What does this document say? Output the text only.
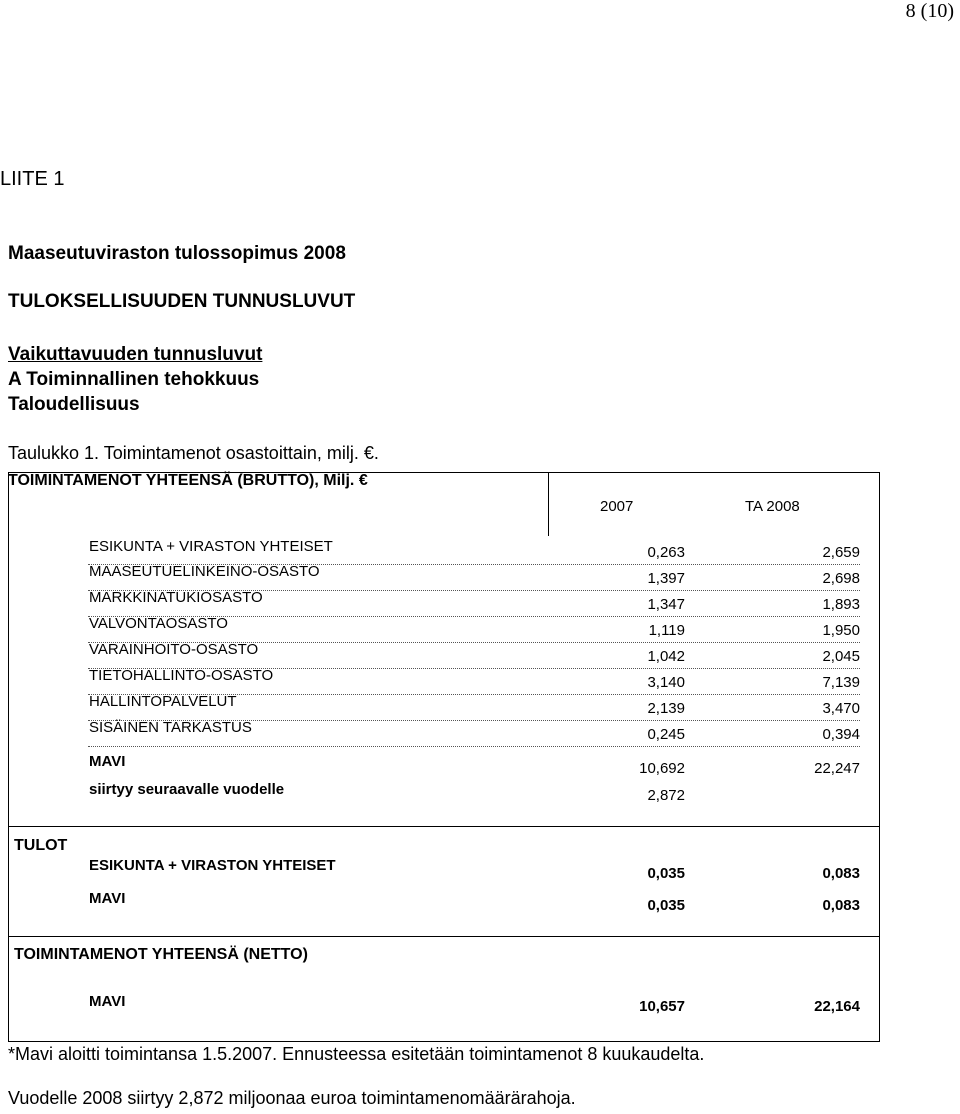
8 (10)
LIITE 1
Maaseutuviraston tulossopimus 2008
TULOKSELLISUUDEN TUNNUSLUVUT
Vaikuttavuuden tunnusluvut
A Toiminnallinen tehokkuus
Taloudellisuus
Taulukko 1. Toimintamenot osastoittain, milj. €.
TOIMINTAMENOT YHTEENSÄ (BRUTTO), Milj. €
2007	TA 2008
ESIKUNTA + VIRASTON YHTEISET	0,263	2,659
MAASEUTUELINKEINO-OSASTO	1,397	2,698
MARKKINATUKIOSASTO	1,347	1,893
VALVONTAOSASTO	1,119	1,950
VARAINHOITO-OSASTO	1,042	2,045
TIETOHALLINTO-OSASTO	3,140	7,139
HALLINTOPALVELUT	2,139	3,470
SISÄINEN TARKASTUS	0,245	0,394
MAVI	10,692	22,247
siirtyy seuraavalle vuodelle	2,872
TULOT
ESIKUNTA + VIRASTON YHTEISET	0,035	0,083
MAVI	0,035	0,083
TOIMINTAMENOT YHTEENSÄ (NETTO)
MAVI	10,657	22,164
*Mavi aloitti toimintansa 1.5.2007. Ennusteessa esitetään toimintamenot 8 kuukaudelta.
Vuodelle 2008 siirtyy 2,872 miljoonaa euroa toimintamenomäärärahoja.
